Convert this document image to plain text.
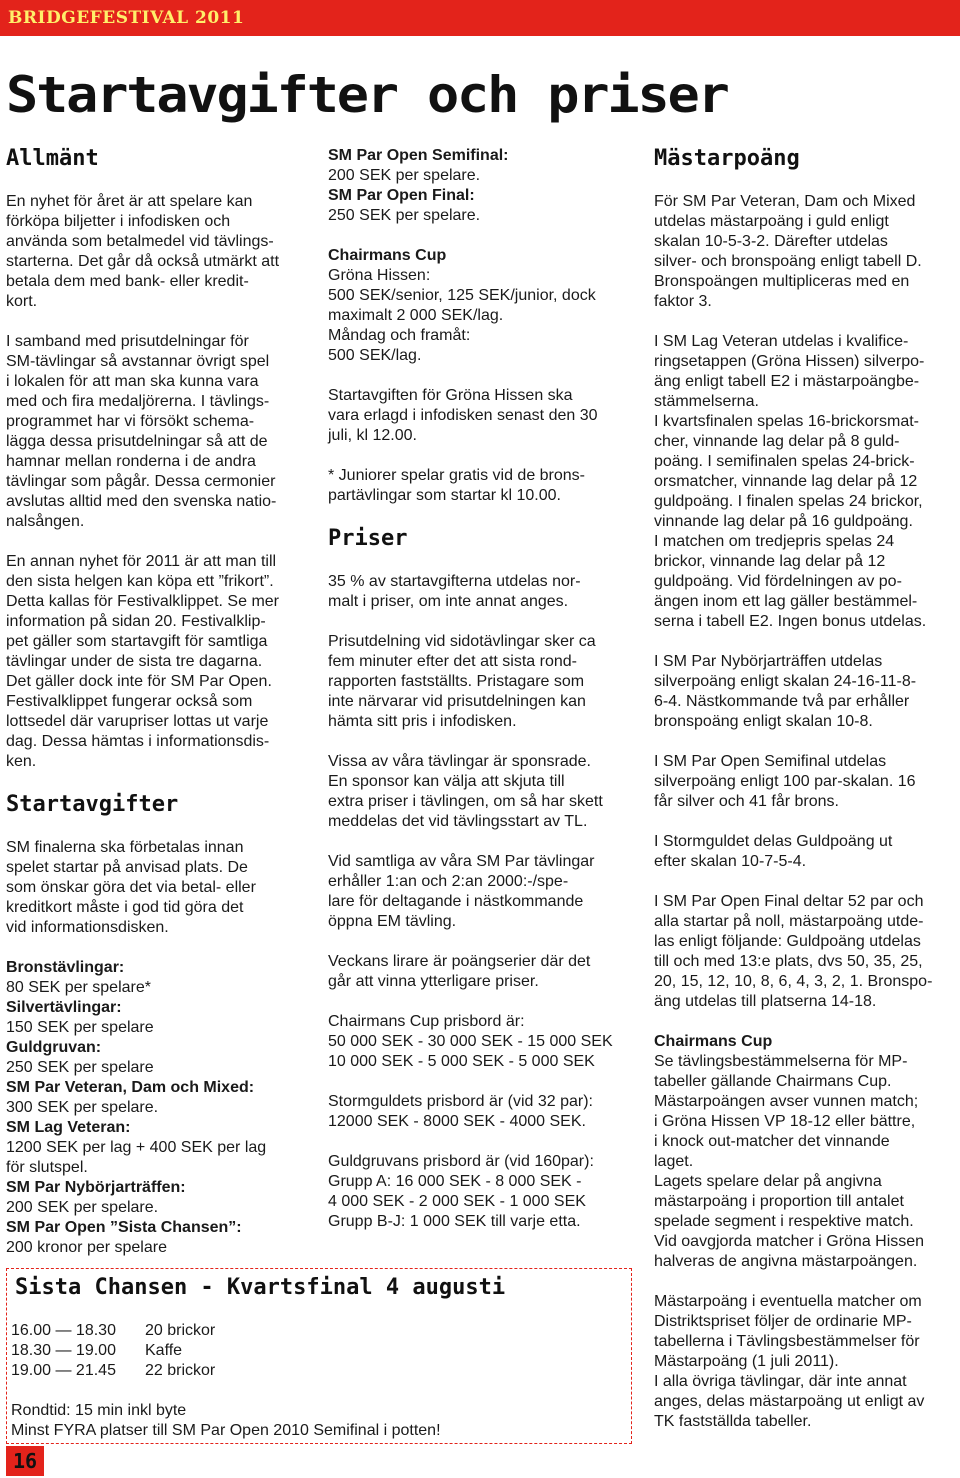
BRIDGEFESTIVAL 2011
Startavgifter och priser
Allmänt

En nyhet för året är att spelare kan
förköpa biljetter i infodisken och
använda som betalmedel vid tävlings-
starterna. Det går då också utmärkt att
betala dem med bank- eller kredit-
kort.

I samband med prisutdelningar för
SM-tävlingar så avstannar övrigt spel
i lokalen för att man ska kunna vara
med och fira medaljörerna. I tävlings-
programmet har vi försökt schema-
lägga dessa prisutdelningar så att de
hamnar mellan ronderna i de andra
tävlingar som pågår. Dessa cermonier
avslutas alltid med den svenska natio-
nalsången.

En annan nyhet för 2011 är att man till
den sista helgen kan köpa ett ”frikort”.
Detta kallas för Festivalklippet. Se mer
information på sidan 20. Festivalklip-
pet gäller som startavgift för samtliga
tävlingar under de sista tre dagarna.
Det gäller dock inte för SM Par Open.
Festivalklippet fungerar också som
lottsedel där varupriser lottas ut varje
dag. Dessa hämtas i informationsdis-
ken.

Startavgifter

SM finalerna ska förbetalas innan
spelet startar på anvisad plats. De
som önskar göra det via betal- eller
kreditkort måste i god tid göra det
vid informationsdisken.

Bronstävlingar:
80 SEK per spelare*
Silvertävlingar:
150 SEK per spelare
Guldgruvan:
250 SEK per spelare
SM Par Veteran, Dam och Mixed:
300 SEK per spelare.
SM Lag Veteran:
1200 SEK per lag + 400 SEK per lag
för slutspel.
SM Par Nybörjarträffen:
200 SEK per spelare.
SM Par Open ”Sista Chansen”:
200 kronor per spelare
SM Par Open Semifinal:
200 SEK per spelare.
SM Par Open Final:

250 SEK per spelare.

Chairmans Cup

Gröna Hissen:
500 SEK/senior, 125 SEK/junior, dock
maximalt 2 000 SEK/lag.
Måndag och framåt:
500 SEK/lag.

Startavgiften för Gröna Hissen ska
vara erlagd i infodisken senast den 30
juli, kl 12.00.

* Juniorer spelar gratis vid de brons-
partävlingar som startar kl 10.00.

Priser

35 % av startavgifterna utdelas nor-
malt i priser, om inte annat anges.

Prisutdelning vid sidotävlingar sker ca
fem minuter efter det att sista rond-
rapporten fastställts. Pristagare som
inte närvarar vid prisutdelningen kan
hämta sitt pris i infodisken.

Vissa av våra tävlingar är sponsrade.
En sponsor kan välja att skjuta till
extra priser i tävlingen, om så har skett
meddelas det vid tävlingsstart av TL.

Vid samtliga av våra SM Par tävlingar
erhåller 1:an och 2:an 2000:-/spe-
lare för deltagande i nästkommande
öppna EM tävling.

Veckans lirare är poängserier där det
går att vinna ytterligare priser.

Chairmans Cup prisbord är:
50 000 SEK - 30 000 SEK - 15 000 SEK
10 000 SEK - 5 000 SEK - 5 000 SEK

Stormguldets prisbord är (vid 32 par):
12000 SEK - 8000 SEK - 4000 SEK.

Guldgruvans prisbord är (vid 160par):
Grupp A: 16 000 SEK - 8 000 SEK -
4 000 SEK - 2 000 SEK - 1 000 SEK
Grupp B-J: 1 000 SEK till varje etta.

Mästarpoäng

För SM Par Veteran, Dam och Mixed
utdelas mästarpoäng i guld enligt
skalan 10-5-3-2. Därefter utdelas
silver- och bronspoäng enligt tabell D.
Bronspoängen multipliceras med en
faktor 3.

I SM Lag Veteran utdelas i kvalifice-
ringsetappen (Gröna Hissen) silverpo-
äng enligt tabell E2 i mästarpoängbe-
stämmelserna.
I kvartsfinalen spelas 16-brickorsmat-
cher, vinnande lag delar på 8 guld-
poäng. I semifinalen spelas 24-brick-
orsmatcher, vinnande lag delar på 12
guldpoäng. I finalen spelas 24 brickor,
vinnande lag delar på 16 guldpoäng.
I matchen om tredjepris spelas 24
brickor, vinnande lag delar på 12
guldpoäng. Vid fördelningen av po-
ängen inom ett lag gäller bestämmel-
serna i tabell E2. Ingen bonus utdelas.

I SM Par Nybörjarträffen utdelas
silverpoäng enligt skalan 24-16-11-8-
6-4. Nästkommande två par erhåller
bronspoäng enligt skalan 10-8.

I SM Par Open Semifinal utdelas
silverpoäng enligt 100 par-skalan. 16
får silver och 41 får brons.

I Stormguldet delas Guldpoäng ut
efter skalan 10-7-5-4.

I SM Par Open Final deltar 52 par och
alla startar på noll, mästarpoäng utde-
las enligt följande: Guldpoäng utdelas
till och med 13:e plats, dvs 50, 35, 25,
20, 15, 12, 10, 8, 6, 4, 3, 2, 1. Bronspo-
äng utdelas till platserna 14-18.

Chairmans Cup

Se tävlingsbestämmelserna för MP-
tabeller gällande Chairmans Cup.
Mästarpoängen avser vunnen match;
i Gröna Hissen VP 18-12 eller bättre,
i knock out-matcher det vinnande
laget.
Lagets spelare delar på angivna
mästarpoäng i proportion till antalet
spelade segment i respektive match.
Vid oavgjorda matcher i Gröna Hissen
halveras de angivna mästarpoängen.

Mästarpoäng i eventuella matcher om
Distriktspriset följer de ordinarie MP-
tabellerna i Tävlingsbestämmelser för
Mästarpoäng (1 juli 2011).
I alla övriga tävlingar, där inte annat
anges, delas mästarpoäng ut enligt av
TK fastställda tabeller.

Sista Chansen - Kvartsfinal 4 augusti
16.00 — 18.30	20 brickor
18.30 — 19.00	Kaffe
19.00 — 21.45	22 brickor
Rondtid: 15 min inkl byte
Minst FYRA platser till SM Par Open 2010 Semifinal i potten!
16
